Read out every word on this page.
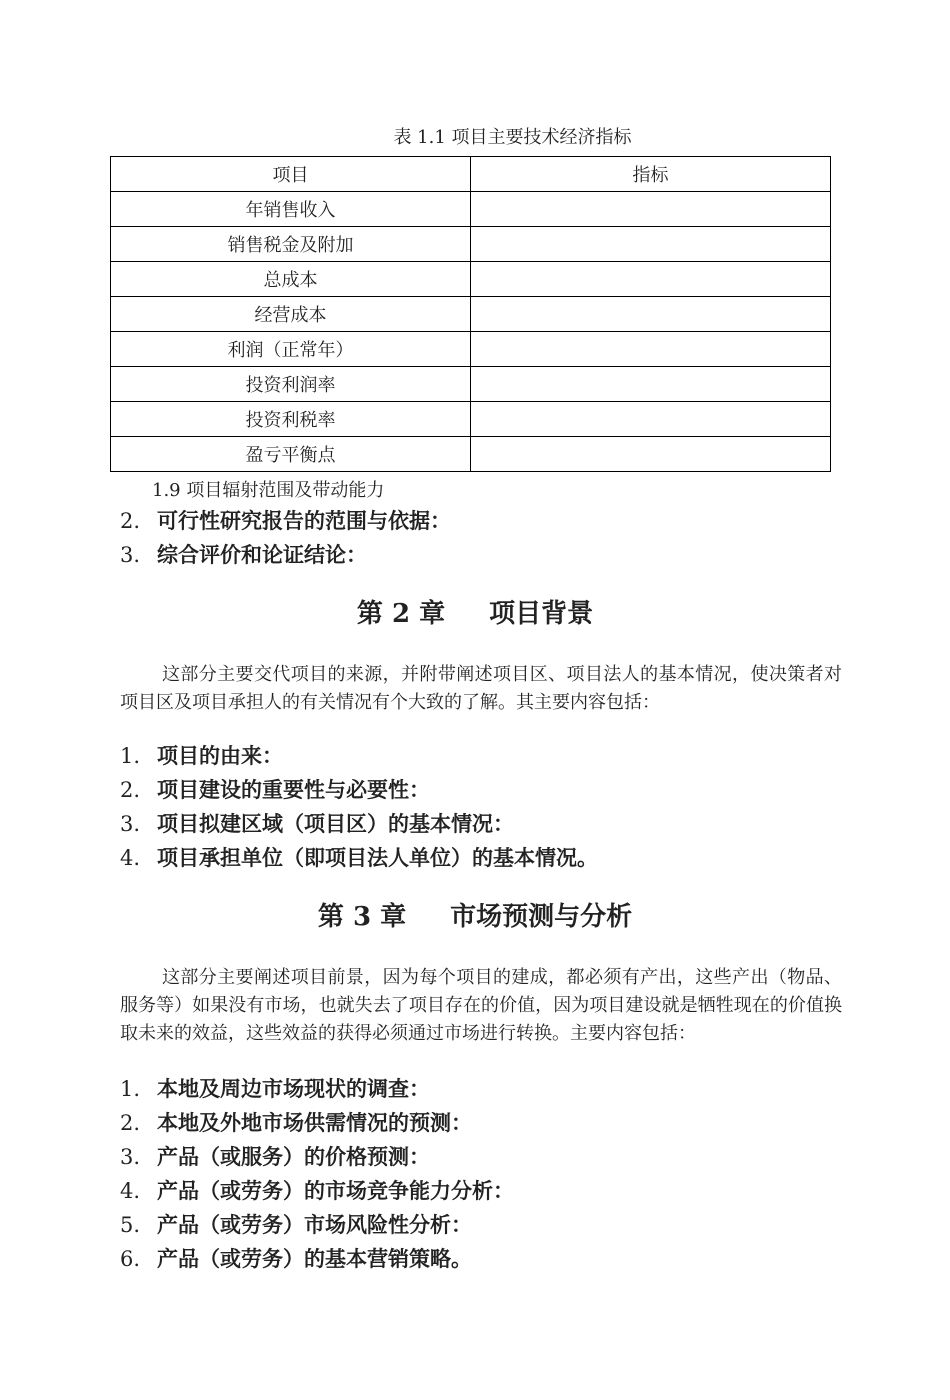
表 1.1 项目主要技术经济指标
项目	指标
年销售收入	
销售税金及附加	
总成本	
经营成本	
利润（正常年）	
投资利润率	
投资利税率	
盈亏平衡点	
1.9 项目辐射范围及带动能力
2. 可行性研究报告的范围与依据：
3. 综合评价和论证结论：
第 2 章 项目背景

这部分主要交代项目的来源，并附带阐述项目区、项目法人的基本情况，使决策者对项目区及项目承担人的有关情况有个大致的了解。其主要内容包括：

1. 项目的由来：
2. 项目建设的重要性与必要性：
3. 项目拟建区域（项目区）的基本情况：
4. 项目承担单位（即项目法人单位）的基本情况。
第 3 章 市场预测与分析

这部分主要阐述项目前景，因为每个项目的建成，都必须有产出，这些产出（物品、服务等）如果没有市场，也就失去了项目存在的价值，因为项目建设就是牺牲现在的价值换取未来的效益，这些效益的获得必须通过市场进行转换。主要内容包括：

1. 本地及周边市场现状的调查：
2. 本地及外地市场供需情况的预测：
3. 产品（或服务）的价格预测：
4. 产品（或劳务）的市场竞争能力分析：
5. 产品（或劳务）市场风险性分析：
6. 产品（或劳务）的基本营销策略。
